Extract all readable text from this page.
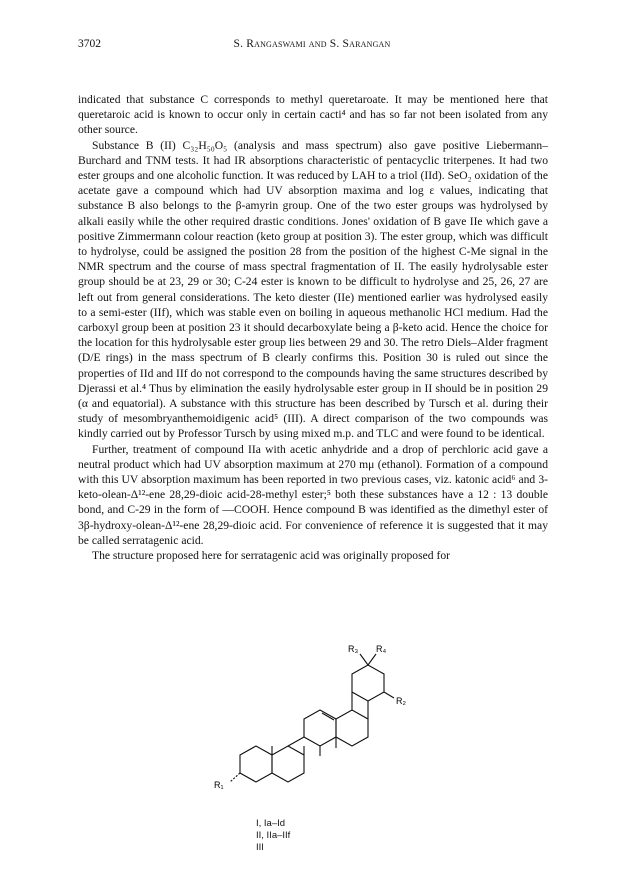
3702	S. Rangaswami and S. Sarangan

indicated that substance C corresponds to methyl queretaroate. It may be mentioned here that queretaroic acid is known to occur only in certain cacti⁴ and has so far not been isolated from any other source.

Substance B (II) C₃₂H₅₀O₅ (analysis and mass spectrum) also gave positive Liebermann–Burchard and TNM tests. It had IR absorptions characteristic of pentacyclic triterpenes. It had two ester groups and one alcoholic function. It was reduced by LAH to a triol (IId). SeO₂ oxidation of the acetate gave a compound which had UV absorption maxima and log ε values, indicating that substance B also belongs to the β-amyrin group. One of the two ester groups was hydrolysed by alkali easily while the other required drastic conditions. Jones' oxidation of B gave IIe which gave a positive Zimmermann colour reaction (keto group at position 3). The ester group, which was difficult to hydrolyse, could be assigned the position 28 from the position of the highest C-Me signal in the NMR spectrum and the course of mass spectral fragmentation of II. The easily hydrolysable ester group should be at 23, 29 or 30; C-24 ester is known to be difficult to hydrolyse and 25, 26, 27 are left out from general considerations. The keto diester (IIe) mentioned earlier was hydrolysed easily to a semi-ester (IIf), which was stable even on boiling in aqueous methanolic HCl medium. Had the carboxyl group been at position 23 it should decarboxylate being a β-keto acid. Hence the choice for the location for this hydrolysable ester group lies between 29 and 30. The retro Diels–Alder fragment (D/E rings) in the mass spectrum of B clearly confirms this. Position 30 is ruled out since the properties of IId and IIf do not correspond to the compounds having the same structures described by Djerassi et al.⁴ Thus by elimination the easily hydrolysable ester group in II should be in position 29 (α and equatorial). A substance with this structure has been described by Tursch et al. during their study of mesombryanthemoidigenic acid⁵ (III). A direct comparison of the two compounds was kindly carried out by Professor Tursch by using mixed m.p. and TLC and were found to be identical.

Further, treatment of compound IIa with acetic anhydride and a drop of perchloric acid gave a neutral product which had UV absorption maximum at 270 mμ (ethanol). Formation of a compound with this UV absorption maximum has been reported in two previous cases, viz. katonic acid⁶ and 3-keto-olean-Δ¹²-ene 28,29-dioic acid-28-methyl ester;⁵ both these substances have a 12 : 13 double bond, and C-29 in the form of —COOH. Hence compound B was identified as the dimethyl ester of 3β-hydroxy-olean-Δ¹²-ene 28,29-dioic acid. For convenience of reference it is suggested that it may be called serratagenic acid.

The structure proposed here for serratagenic acid was originally proposed for

R₁
R₃ R₄
R₂
I, Ia–Id
II, IIa–IIf
III
